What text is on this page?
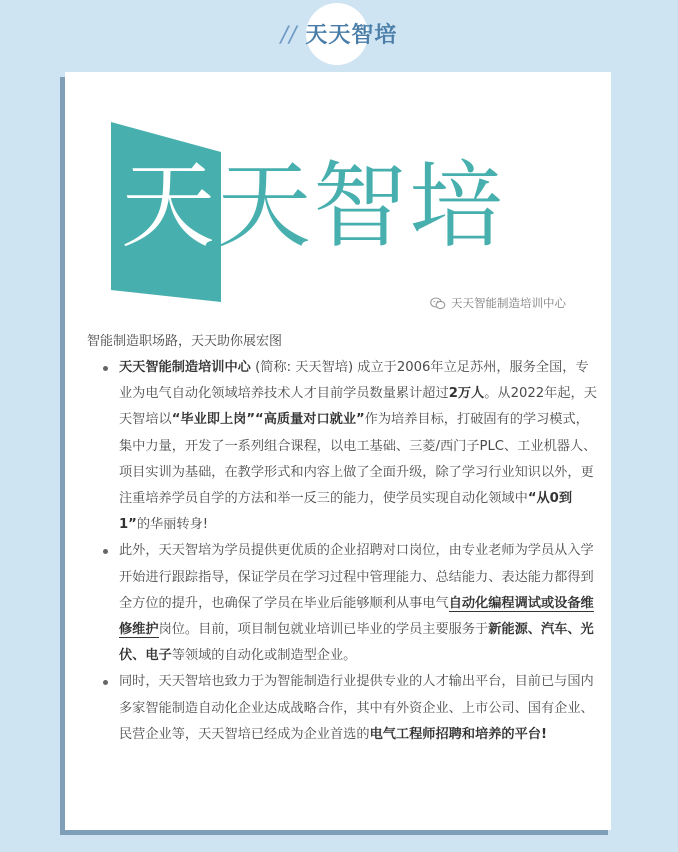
// 天天智培
天天智培
天天智能制造培训中心
智能制造职场路，天天助你展宏图
天天智能制造培训中心 (简称: 天天智培) 成立于2006年立足苏州，服务全国，专业为电气自动化领域培养技术人才目前学员数量累计超过2万人。从2022年起，天天智培以“毕业即上岗”“高质量对口就业”作为培养目标，打破固有的学习模式，集中力量，开发了一系列组合课程，以电工基础、三菱/西门子PLC、工业机器人、项目实训为基础，在教学形式和内容上做了全面升级，除了学习行业知识以外，更注重培养学员自学的方法和举一反三的能力，使学员实现自动化领域中“从0到1”的华丽转身!
此外，天天智培为学员提供更优质的企业招聘对口岗位，由专业老师为学员从入学开始进行跟踪指导，保证学员在学习过程中管理能力、总结能力、表达能力都得到全方位的提升，也确保了学员在毕业后能够顺利从事电气自动化编程调试或设备维修维护岗位。目前，项目制包就业培训已毕业的学员主要服务于新能源、汽车、光伏、电子等领域的自动化或制造型企业。
同时，天天智培也致力于为智能制造行业提供专业的人才输出平台，目前已与国内多家智能制造自动化企业达成战略合作，其中有外资企业、上市公司、国有企业、民营企业等，天天智培已经成为企业首选的电气工程师招聘和培养的平台!
